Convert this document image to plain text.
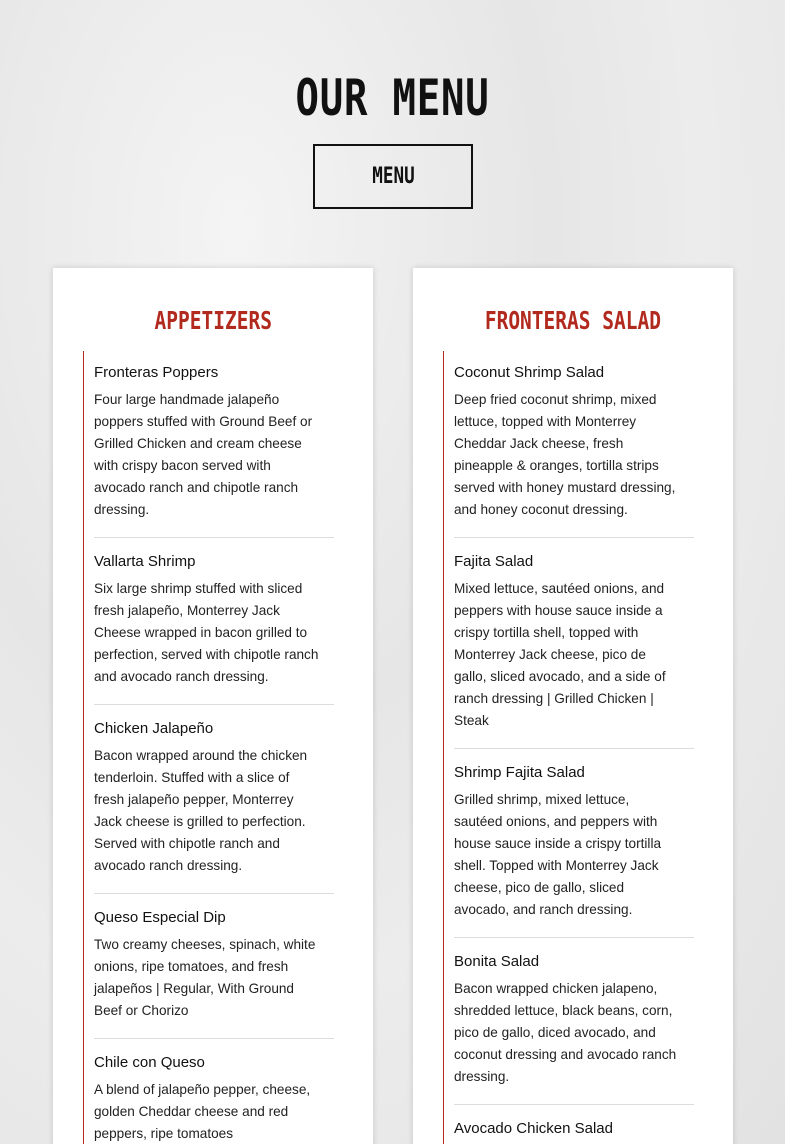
OUR MENU
MENU
APPETIZERS
Fronteras Poppers
Four large handmade jalapeño poppers stuffed with Ground Beef or Grilled Chicken and cream cheese with crispy bacon served with avocado ranch and chipotle ranch dressing.
Vallarta Shrimp
Six large shrimp stuffed with sliced fresh jalapeño, Monterrey Jack Cheese wrapped in bacon grilled to perfection, served with chipotle ranch and avocado ranch dressing.
Chicken Jalapeño
Bacon wrapped around the chicken tenderloin. Stuffed with a slice of fresh jalapeño pepper, Monterrey Jack cheese is grilled to perfection. Served with chipotle ranch and avocado ranch dressing.
Queso Especial Dip
Two creamy cheeses, spinach, white onions, ripe tomatoes, and fresh jalapeños | Regular, With Ground Beef or Chorizo
Chile con Queso
A blend of jalapeño pepper, cheese, golden Cheddar cheese and red peppers, ripe tomatoes
FRONTERAS SALAD
Coconut Shrimp Salad
Deep fried coconut shrimp, mixed lettuce, topped with Monterrey Cheddar Jack cheese, fresh pineapple & oranges, tortilla strips served with honey mustard dressing, and honey coconut dressing.
Fajita Salad
Mixed lettuce, sautéed onions, and peppers with house sauce inside a crispy tortilla shell, topped with Monterrey Jack cheese, pico de gallo, sliced avocado, and a side of ranch dressing | Grilled Chicken | Steak
Shrimp Fajita Salad
Grilled shrimp, mixed lettuce, sautéed onions, and peppers with house sauce inside a crispy tortilla shell. Topped with Monterrey Jack cheese, pico de gallo, sliced avocado, and ranch dressing.
Bonita Salad
Bacon wrapped chicken jalapeno, shredded lettuce, black beans, corn, pico de gallo, diced avocado, and coconut dressing and avocado ranch dressing.
Avocado Chicken Salad
